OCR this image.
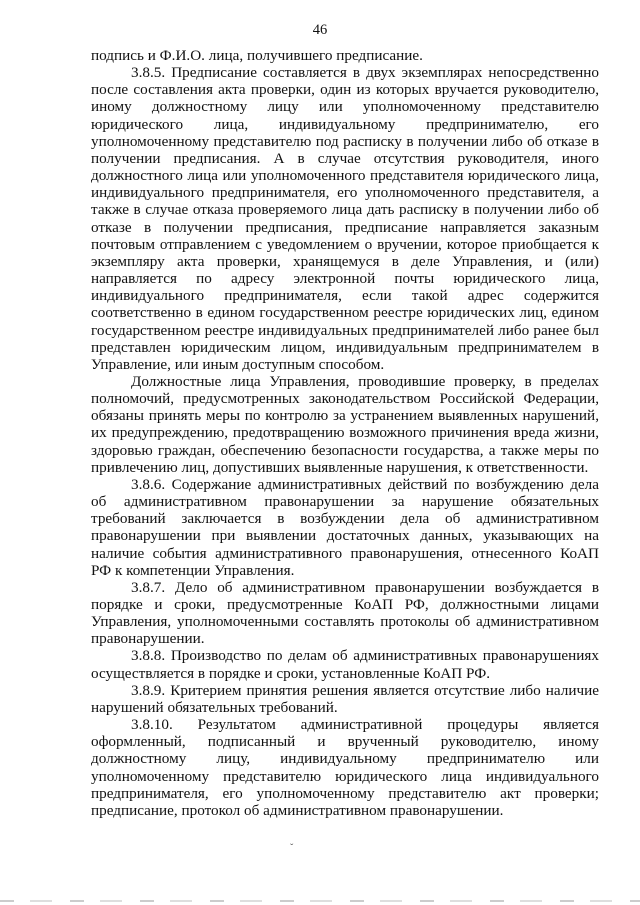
46

подпись и Ф.И.О. лица, получившего предписание.

3.8.5. Предписание составляется в двух экземплярах непосредственно после составления акта проверки, один из которых вручается руководителю, иному должностному лицу или уполномоченному представителю юридического лица, индивидуальному предпринимателю, его уполномоченному представителю под расписку в получении либо об отказе в получении предписания. А в случае отсутствия руководителя, иного должностного лица или уполномоченного представителя юридического лица, индивидуального предпринимателя, его уполномоченного представителя, а также в случае отказа проверяемого лица дать расписку в получении либо об отказе в получении предписания, предписание направляется заказным почтовым отправлением с уведомлением о вручении, которое приобщается к экземпляру акта проверки, хранящемуся в деле Управления, и (или) направляется по адресу электронной почты юридического лица, индивидуального предпринимателя, если такой адрес содержится соответственно в едином государственном реестре юридических лиц, едином государственном реестре индивидуальных предпринимателей либо ранее был представлен юридическим лицом, индивидуальным предпринимателем в Управление, или иным доступным способом.

Должностные лица Управления, проводившие проверку, в пределах полномочий, предусмотренных законодательством Российской Федерации, обязаны принять меры по контролю за устранением выявленных нарушений, их предупреждению, предотвращению возможного причинения вреда жизни, здоровью граждан, обеспечению безопасности государства, а также меры по привлечению лиц, допустивших выявленные нарушения, к ответственности.

3.8.6. Содержание административных действий по возбуждению дела об административном правонарушении за нарушение обязательных требований заключается в возбуждении дела об административном правонарушении при выявлении достаточных данных, указывающих на наличие события административного правонарушения, отнесенного КоАП РФ к компетенции Управления.

3.8.7. Дело об административном правонарушении возбуждается в порядке и сроки, предусмотренные КоАП РФ, должностными лицами Управления, уполномоченными составлять протоколы об административном правонарушении.

3.8.8. Производство по делам об административных правонарушениях осуществляется в порядке и сроки, установленные КоАП РФ.

3.8.9. Критерием принятия решения является отсутствие либо наличие нарушений обязательных требований.

3.8.10. Результатом административной процедуры является оформленный, подписанный и врученный руководителю, иному должностному лицу, индивидуальному предпринимателю или уполномоченному представителю юридического лица индивидуального предпринимателя, его уполномоченному представителю акт проверки; предписание, протокол об административном правонарушении.

ˇ
